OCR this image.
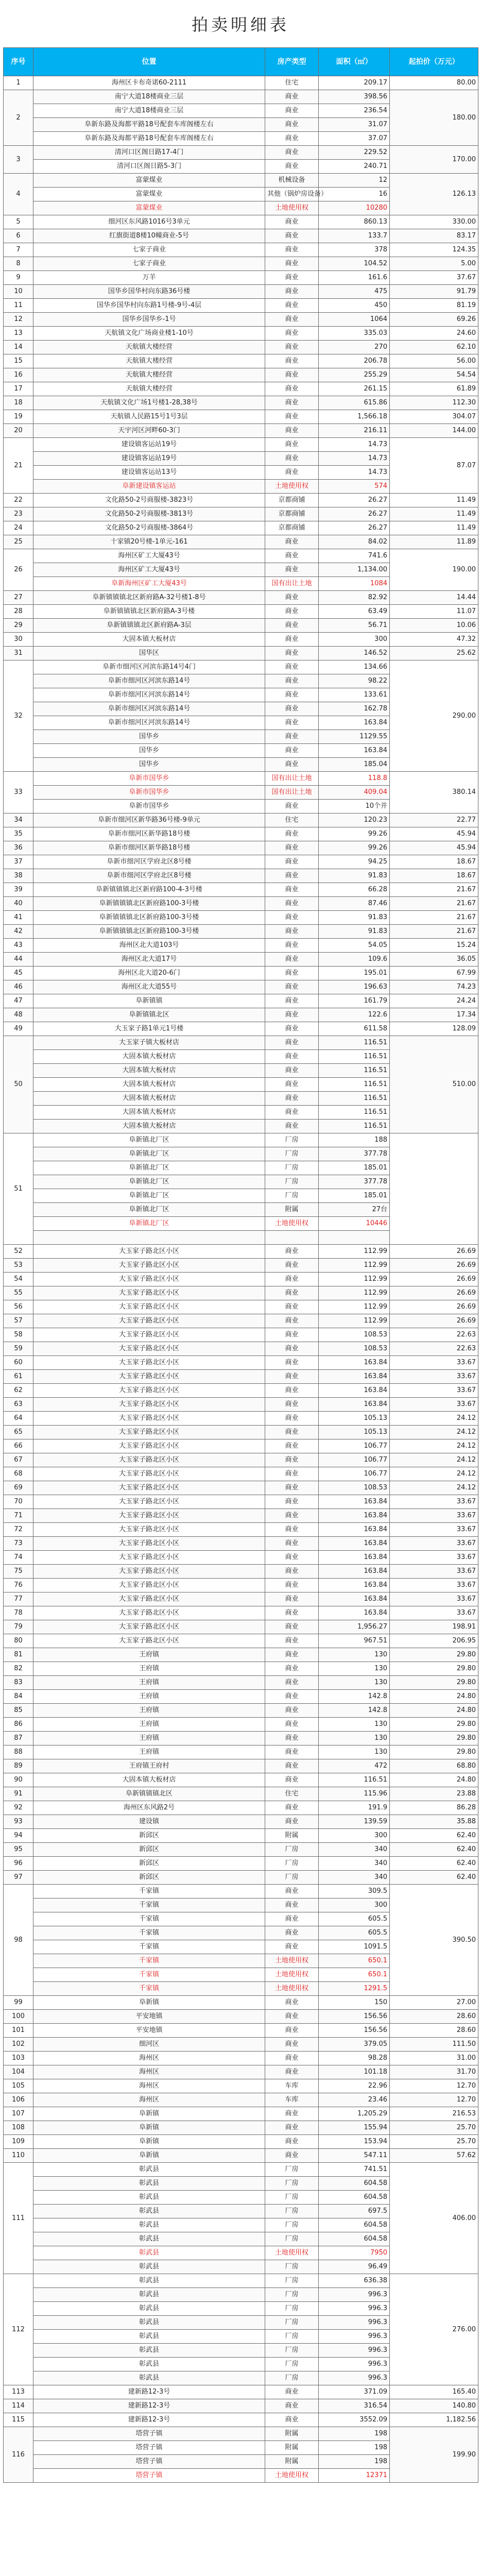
拍卖明细表
序号	位置	房产类型	面积（㎡）	起拍价（万元）
1	海州区卡布奇诺60-2111	住宅	209.17	80.00
2	南宁大道18楼商业三层	商业	398.56	180.00
	南宁大道18楼商业三层	商业	236.54	
	阜新东路及海都平路18号配套车库阁楼左右	商业	31.07	
	阜新东路及海都平路18号配套车库阁楼左右	商业	37.07	
3	清河口区阁日路17-4门	商业	229.52	170.00
	清河口区阁日路5-3门	商业	240.71	
4	富蒙煤业	机械设备	12	126.13
	富蒙煤业	其他（锅炉房设备）	16	
	富蒙煤业	土地使用权	10280	
5	细河区东风路1016号3单元	商业	860.13	330.00
6	红旗街道8楼10幢商业-5号	商业	133.7	83.17
7	七家子商业	商业	378	124.35
8	七家子商业	商业	104.52	5.00
9	万羊	商业	161.6	37.67
10	国华乡国华村向东路36号楼	商业	475	91.79
11	国华乡国华村向东路1号楼-9号-4层	商业	450	81.19
12	国华乡国华乡-1号	商业	1064	69.26
13	天航镇文化广场商业楼1-10号	商业	335.03	24.60
14	天航镇大楼经营	商业	270	62.10
15	天航镇大楼经营	商业	206.78	56.00
16	天航镇大楼经营	商业	255.29	54.54
17	天航镇大楼经营	商业	261.15	61.89
18	天航镇文化广场1号楼1-28,38号	商业	615.86	112.30
19	天航镇人民路15号1号3层	商业	1,566.18	304.07
20	天宇河区河畔60-3门	商业	216.11	144.00
21	建设镇客运站19号	商业	14.73	87.07
	建设镇客运站19号	商业	14.73	
	建设镇客运站13号	商业	14.73	
	阜新建设镇客运站	土地使用权	574	
22	文化路50-2号商服楼-3823号	京都商铺	26.27	11.49
23	文化路50-2号商服楼-3813号	京都商铺	26.27	11.49
24	文化路50-2号商服楼-3864号	京都商铺	26.27	11.49
25	十家镇20号楼-1单元-161	商业	84.02	11.89
26	海州区矿工大厦43号	商业	741.6	190.00
	海州区矿工大厦43号	商业	1,134.00	
	阜新海州区矿工大厦43号	国有出让土地	1084	
27	阜新镇镇镇北区新府路A-32号楼1-8号	商业	82.92	14.44
28	阜新镇镇镇北区新府路A-3号楼	商业	63.49	11.07
29	阜新镇镇镇北区新府路A-3层	商业	56.71	10.06
30	大固本镇大板材店	商业	300	47.32
31	国华区	商业	146.52	25.62
32	阜新市细河区河滨东路14号4门	商业	134.66	290.00
	阜新市细河区河滨东路14号	商业	98.22	
	阜新市细河区河滨东路14号	商业	133.61	
	阜新市细河区河滨东路14号	商业	162.78	
	阜新市细河区河滨东路14号	商业	163.84	
	国华乡	商业	1129.55	
	国华乡	商业	163.84	
	国华乡	商业	185.04	
33	阜新市国华乡	国有出让土地	118.8	380.14
	阜新市国华乡	国有出让土地	409.04	
	阜新市国华乡	商业	10个并	
34	阜新市细河区新华路36号楼-9单元	住宅	120.23	22.77
35	阜新市细河区新华路18号楼	商业	99.26	45.94
36	阜新市细河区新华路18号楼	商业	99.26	45.94
37	阜新市细河区学府北区8号楼	商业	94.25	18.67
38	阜新市细河区学府北区8号楼	商业	91.83	18.67
39	阜新镇镇镇北区新府路100-4-3号楼	商业	66.28	21.67
40	阜新镇镇镇北区新府路100-3号楼	商业	87.46	21.67
41	阜新镇镇镇北区新府路100-3号楼	商业	91.83	21.67
42	阜新镇镇镇北区新府路100-3号楼	商业	91.83	21.67
43	海州区北大道103号	商业	54.05	15.24
44	海州区北大道17号	商业	109.6	36.05
45	海州区北大道20-6门	商业	195.01	67.99
46	海州区北大道55号	商业	196.63	74.23
47	阜新镇镇	商业	161.79	24.24
48	阜新镇镇北区	商业	122.6	17.34
49	大玉家子路1单元1号楼	商业	611.58	128.09
50	大玉家子镇大板材店	商业	116.51	510.00
	大固本镇大板材店	商业	116.51	
	大固本镇大板材店	商业	116.51	
	大固本镇大板材店	商业	116.51	
	大固本镇大板材店	商业	116.51	
	大固本镇大板材店	商业	116.51	
	大固本镇大板材店	商业	116.51	
51	阜新镇北厂区	厂房	188	
	阜新镇北厂区	厂房	377.78	
	阜新镇北厂区	厂房	185.01	
	阜新镇北厂区	厂房	377.78	
	阜新镇北厂区	厂房	185.01	
	阜新镇北厂区	附属	27台	
	阜新镇北厂区	土地使用权	10446	

52	大玉家子路北区小区	商业	112.99	26.69
53	大玉家子路北区小区	商业	112.99	26.69
54	大玉家子路北区小区	商业	112.99	26.69
55	大玉家子路北区小区	商业	112.99	26.69
56	大玉家子路北区小区	商业	112.99	26.69
57	大玉家子路北区小区	商业	112.99	26.69
58	大玉家子路北区小区	商业	108.53	22.63
59	大玉家子路北区小区	商业	108.53	22.63
60	大玉家子路北区小区	商业	163.84	33.67
61	大玉家子路北区小区	商业	163.84	33.67
62	大玉家子路北区小区	商业	163.84	33.67
63	大玉家子路北区小区	商业	163.84	33.67
64	大玉家子路北区小区	商业	105.13	24.12
65	大玉家子路北区小区	商业	105.13	24.12
66	大玉家子路北区小区	商业	106.77	24.12
67	大玉家子路北区小区	商业	106.77	24.12
68	大玉家子路北区小区	商业	106.77	24.12
69	大玉家子路北区小区	商业	108.53	24.12
70	大玉家子路北区小区	商业	163.84	33.67
71	大玉家子路北区小区	商业	163.84	33.67
72	大玉家子路北区小区	商业	163.84	33.67
73	大玉家子路北区小区	商业	163.84	33.67
74	大玉家子路北区小区	商业	163.84	33.67
75	大玉家子路北区小区	商业	163.84	33.67
76	大玉家子路北区小区	商业	163.84	33.67
77	大玉家子路北区小区	商业	163.84	33.67
78	大玉家子路北区小区	商业	163.84	33.67
79	大玉家子路北区小区	商业	1,956.27	198.91
80	大玉家子路北区小区	商业	967.51	206.95
81	王府镇	商业	130	29.80
82	王府镇	商业	130	29.80
83	王府镇	商业	130	29.80
84	王府镇	商业	142.8	24.80
85	王府镇	商业	142.8	24.80
86	王府镇	商业	130	29.80
87	王府镇	商业	130	29.80
88	王府镇	商业	130	29.80
89	王府镇王府村	商业	472	68.80
90	大固本镇大板材店	商业	116.51	24.80
91	阜新镇镇镇北区	住宅	115.96	23.88
92	海州区东风路2号	商业	191.9	86.28
93	建设镇	商业	139.59	35.88
94	新邱区	附属	300	62.40
95	新邱区	厂房	340	62.40
96	新邱区	厂房	340	62.40
97	新邱区	厂房	340	62.40
98	千家镇	商业	309.5	390.50
	千家镇	商业	300	
	千家镇	商业	605.5	
	千家镇	商业	605.5	
	千家镇	商业	1091.5	
	千家镇	土地使用权	650.1	
	千家镇	土地使用权	650.1	
	千家镇	土地使用权	1291.5	
99	阜新镇	商业	150	27.00
100	平安地镇	商业	156.56	28.60
101	平安地镇	商业	156.56	28.60
102	细河区	商业	379.05	111.50
103	海州区	商业	98.28	31.00
104	海州区	商业	101.18	31.70
105	海州区	车库	22.96	12.70
106	海州区	车库	23.46	12.70
107	阜新镇	商业	1,205.29	216.53
108	阜新镇	商业	155.94	25.70
109	阜新镇	商业	153.94	25.70
110	阜新镇	商业	547.11	57.62
111	彰武县	厂房	741.51	406.00
	彰武县	厂房	604.58	
	彰武县	厂房	604.58	
	彰武县	厂房	697.5	
	彰武县	厂房	604.58	
	彰武县	厂房	604.58	
	彰武县	土地使用权	7950	
	彰武县	厂房	96.49	
112	彰武县	厂房	636.38	276.00
	彰武县	厂房	996.3	
	彰武县	厂房	996.3	
	彰武县	厂房	996.3	
	彰武县	厂房	996.3	
	彰武县	厂房	996.3	
	彰武县	厂房	996.3	
	彰武县	厂房	996.3	
113	建新路12-3号	商业	371.09	165.40
114	建新路12-3号	商业	316.54	140.80
115	建新路12-3号	商业	3552.09	1,182.56
116	塔营子镇	附属	198	199.90
	塔营子镇	附属	198	
	塔营子镇	附属	198	
	塔营子镇	土地使用权	12371	
